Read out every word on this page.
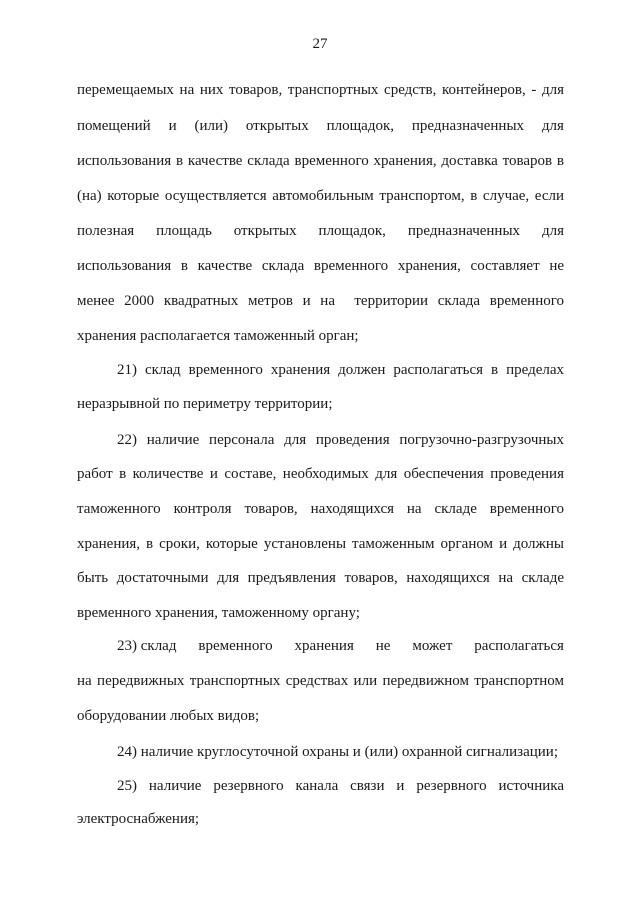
27
перемещаемых на них товаров, транспортных средств, контейнеров, - для
помещений и (или) открытых площадок, предназначенных для
использования в качестве склада временного хранения, доставка товаров в
(на) которые осуществляется автомобильным транспортом, в случае, если
полезная площадь открытых площадок, предназначенных для
использования в качестве склада временного хранения, составляет не
менее 2000 квадратных метров и на  территории склада временного
хранения располагается таможенный орган;
21) склад временного хранения должен располагаться в пределах
неразрывной по периметру территории;
22) наличие персонала для проведения погрузочно-разгрузочных
работ в количестве и составе, необходимых для обеспечения проведения
таможенного контроля товаров, находящихся на складе временного
хранения, в сроки, которые установлены таможенным органом и должны
быть достаточными для предъявления товаров, находящихся на складе
временного хранения, таможенному органу;
23) склад временного хранения не может располагаться
на передвижных транспортных средствах или передвижном транспортном
оборудовании любых видов;
24) наличие круглосуточной охраны и (или) охранной сигнализации;
25) наличие резервного канала связи и резервного источника
электроснабжения;
